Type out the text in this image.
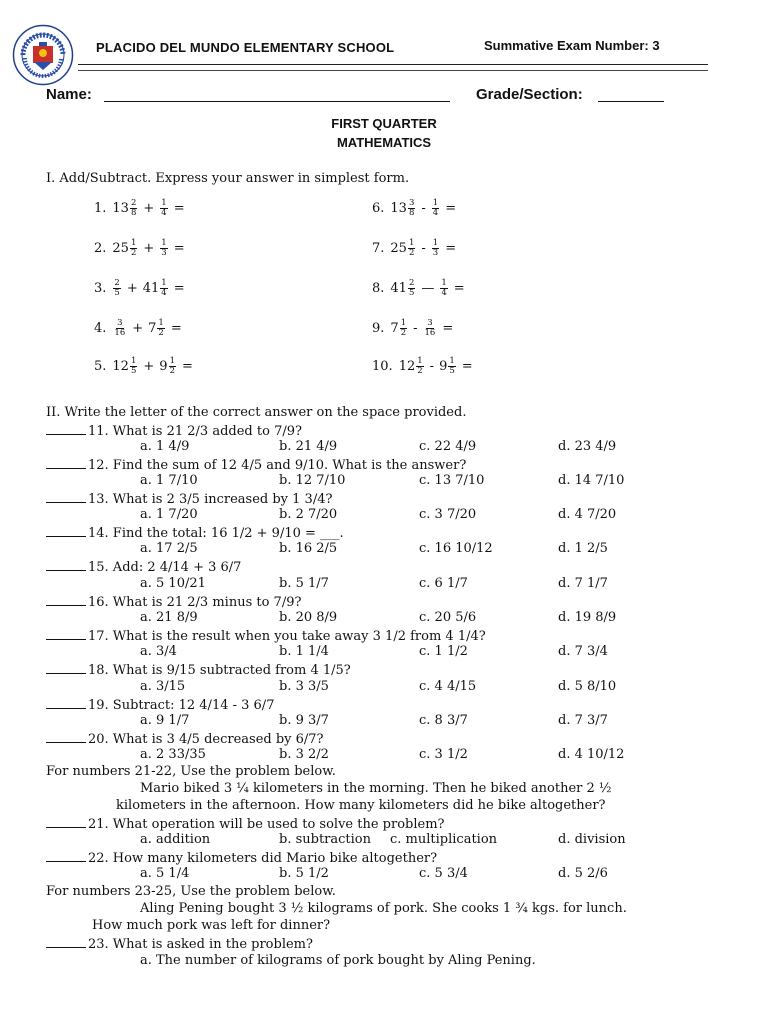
PLACIDO DEL MUNDO ELEMENTARY SCHOOL	Summative Exam Number: 3
Name:	Grade/Section:
FIRST QUARTER
MATHEMATICS
I. Add/Subtract. Express your answer in simplest form.
1. $13 \frac{2}{8} + \frac{1}{4}$ =
2. $25 \frac{1}{2} + \frac{1}{3}$ =
3. $\frac{2}{5} + 41 \frac{1}{4}$ =
4. $\frac{3}{16} + 7 \frac{1}{2}$ =
5. $12 \frac{1}{5} + 9 \frac{1}{2}$ =
6. $13 \frac{3}{8} - \frac{1}{4}$ =
7. $25 \frac{1}{2} - \frac{1}{3}$ =
8. $41 \frac{2}{5}$ — $\frac{1}{4}$ =
9. $7 \frac{1}{2} - \frac{3}{16}$ =
10. $12 \frac{1}{2} - 9 \frac{1}{5}$ =
II. Write the letter of the correct answer on the space provided.
11. What is 21 2/3 added to 7/9?
a. 1 4/9	b. 21 4/9	c. 22 4/9	d. 23 4/9
12. Find the sum of 12 4/5 and 9/10. What is the answer?
a. 1 7/10	b. 12 7/10	c. 13 7/10	d. 14 7/10
13. What is 2 3/5 increased by 1 3/4?
a. 1 7/20	b. 2 7/20	c. 3 7/20	d. 4 7/20
14. Find the total: 16 1/2 + 9/10 = ___.
a. 17 2/5	b. 16 2/5	c. 16 10/12	d. 1 2/5
15. Add: 2 4/14 + 3 6/7
a. 5 10/21	b. 5 1/7	c. 6 1/7	d. 7 1/7
16. What is 21 2/3 minus to 7/9?
a. 21 8/9	b. 20 8/9	c. 20 5/6	d. 19 8/9
17. What is the result when you take away 3 1/2 from 4 1/4?
a. 3/4	b. 1 1/4	c. 1 1/2	d. 7 3/4
18. What is 9/15 subtracted from 4 1/5?
a. 3/15	b. 3 3/5	c. 4 4/15	d. 5 8/10
19. Subtract: 12 4/14 - 3 6/7
a. 9 1/7	b. 9 3/7	c. 8 3/7	d. 7 3/7
20. What is 3 4/5 decreased by 6/7?
a. 2 33/35	b. 3 2/2	c. 3 1/2	d. 4 10/12
For numbers 21-22, Use the problem below.
Mario biked 3 ¼ kilometers in the morning. Then he biked another 2 ½
kilometers in the afternoon. How many kilometers did he bike altogether?
21. What operation will be used to solve the problem?
a. addition	b. subtraction c. multiplication	d. division
22. How many kilometers did Mario bike altogether?
a. 5 1/4	b. 5 1/2	c. 5 3/4	d. 5 2/6
For numbers 23-25, Use the problem below.
Aling Pening bought 3 ½ kilograms of pork. She cooks 1 ¾ kgs. for lunch.
How much pork was left for dinner?
23. What is asked in the problem?
a. The number of kilograms of pork bought by Aling Pening.
